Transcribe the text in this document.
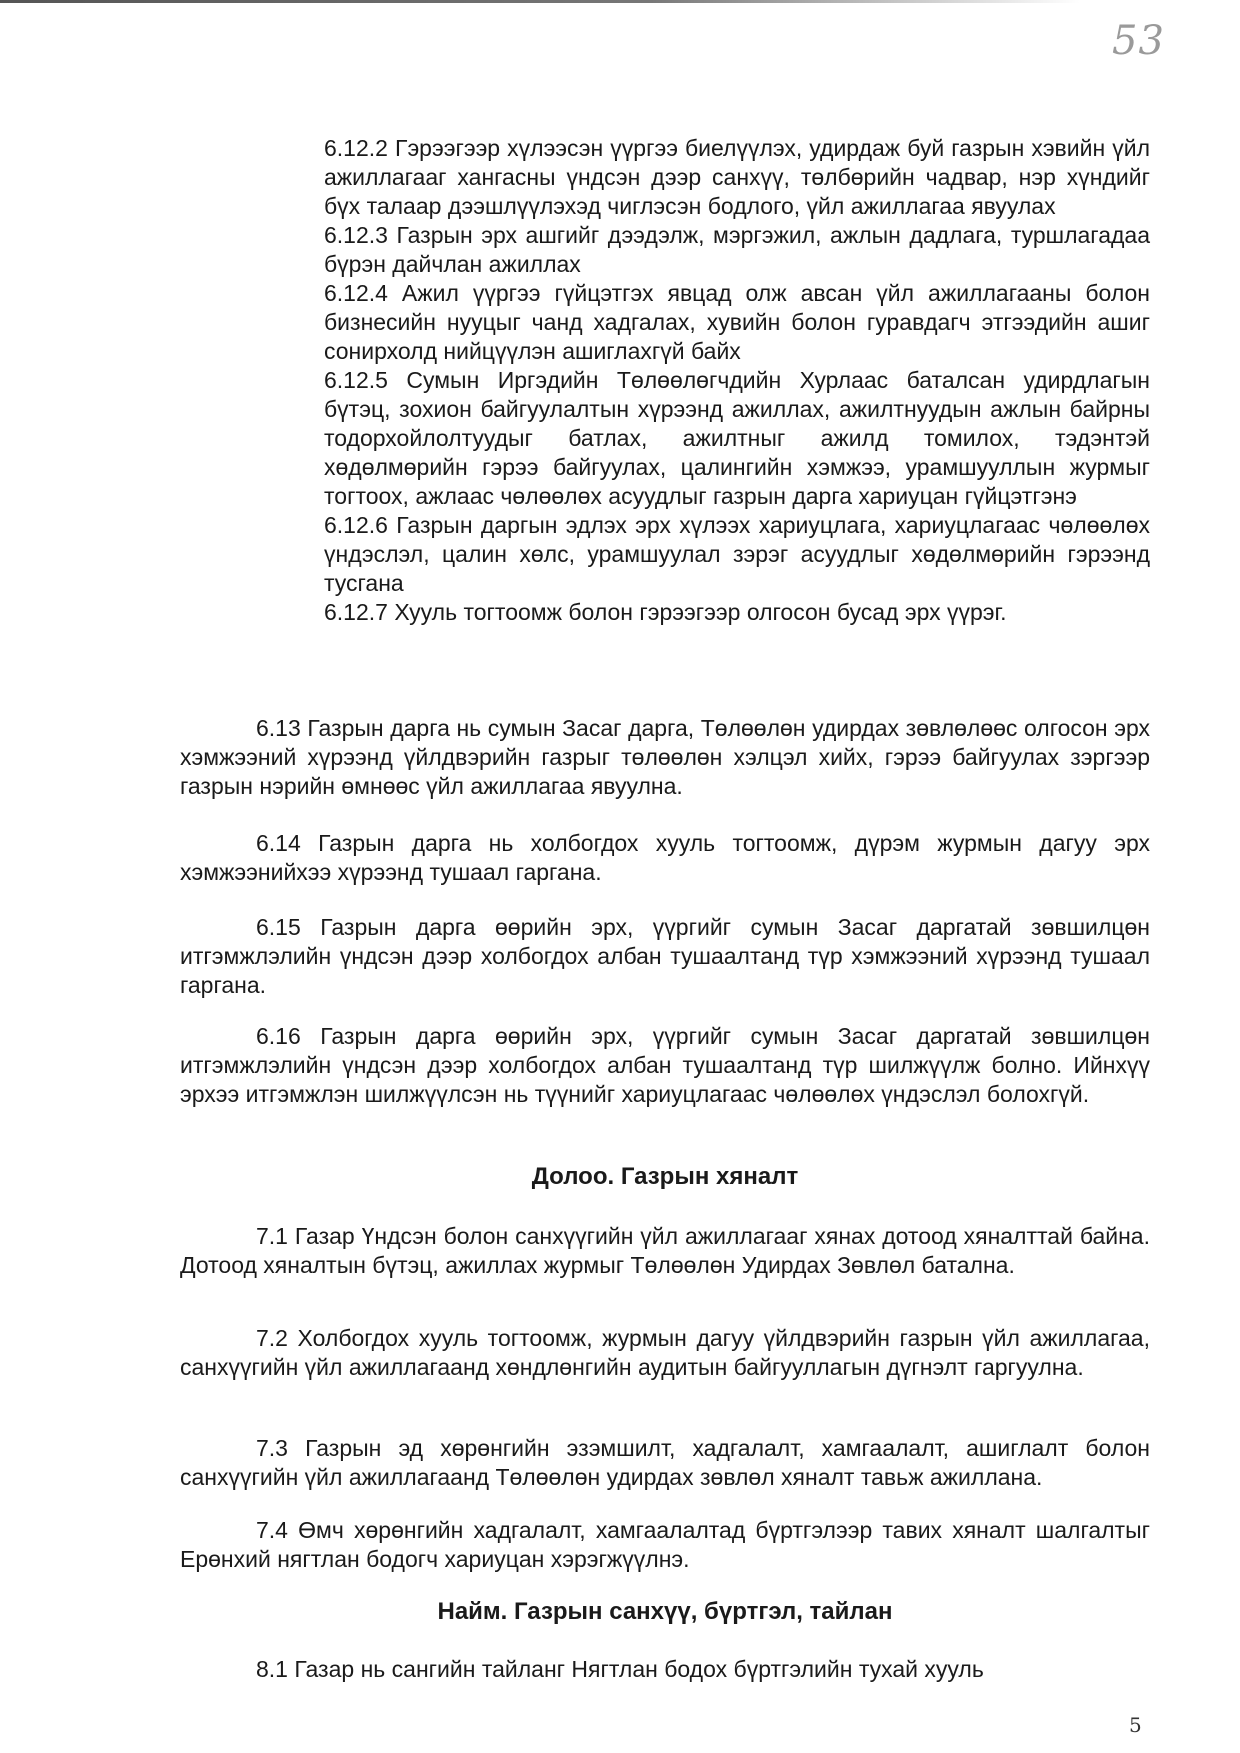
53

6.12.2 Гэрээгээр хүлээсэн үүргээ биелүүлэх, удирдаж буй газрын хэвийн үйл ажиллагааг хангасны үндсэн дээр санхүү, төлбөрийн чадвар, нэр хүндийг бүх талаар дээшлүүлэхэд чиглэсэн бодлого, үйл ажиллагаа явуулах

6.12.3 Газрын эрх ашгийг дээдэлж, мэргэжил, ажлын дадлага, туршлагадаа бүрэн дайчлан ажиллах

6.12.4 Ажил үүргээ гүйцэтгэх явцад олж авсан үйл ажиллагааны болон бизнесийн нууцыг чанд хадгалах, хувийн болон гуравдагч этгээдийн ашиг сонирхолд нийцүүлэн ашиглахгүй байх

6.12.5 Сумын Иргэдийн Төлөөлөгчдийн Хурлаас баталсан удирдлагын бүтэц, зохион байгуулалтын хүрээнд ажиллах, ажилтнуудын ажлын байрны тодорхойлолтуудыг батлах, ажилтныг ажилд томилох, тэдэнтэй хөдөлмөрийн гэрээ байгуулах, цалингийн хэмжээ, урамшууллын журмыг тогтоох, ажлаас чөлөөлөх асуудлыг газрын дарга хариуцан гүйцэтгэнэ

6.12.6 Газрын даргын эдлэх эрх хүлээх хариуцлага, хариуцлагаас чөлөөлөх үндэслэл, цалин хөлс, урамшуулал зэрэг асуудлыг хөдөлмөрийн гэрээнд тусгана

6.12.7 Хууль тогтоомж болон гэрээгээр олгосон бусад эрх үүрэг.

6.13 Газрын дарга нь сумын Засаг дарга, Төлөөлөн удирдах зөвлөлөөс олгосон эрх хэмжээний хүрээнд үйлдвэрийн газрыг төлөөлөн хэлцэл хийх, гэрээ байгуулах зэргээр газрын нэрийн өмнөөс үйл ажиллагаа явуулна.

6.14 Газрын дарга нь холбогдох хууль тогтоомж, дүрэм журмын дагуу эрх хэмжээнийхээ хүрээнд тушаал гаргана.

6.15 Газрын дарга өөрийн эрх, үүргийг сумын Засаг даргатай зөвшилцөн итгэмжлэлийн үндсэн дээр холбогдох албан тушаалтанд түр хэмжээний хүрээнд тушаал гаргана.

6.16 Газрын дарга өөрийн эрх, үүргийг сумын Засаг даргатай зөвшилцөн итгэмжлэлийн үндсэн дээр холбогдох албан тушаалтанд түр шилжүүлж болно. Ийнхүү эрхээ итгэмжлэн шилжүүлсэн нь түүнийг хариуцлагаас чөлөөлөх үндэслэл болохгүй.

Долоо. Газрын хяналт

7.1 Газар Үндсэн болон санхүүгийн үйл ажиллагааг хянах дотоод хяналттай байна. Дотоод хяналтын бүтэц, ажиллах журмыг Төлөөлөн Удирдах Зөвлөл батална.

7.2 Холбогдох хууль тогтоомж, журмын дагуу үйлдвэрийн газрын үйл ажиллагаа, санхүүгийн үйл ажиллагаанд хөндлөнгийн аудитын байгууллагын дүгнэлт гаргуулна.

7.3 Газрын эд хөрөнгийн эзэмшилт, хадгалалт, хамгаалалт, ашиглалт болон санхүүгийн үйл ажиллагаанд Төлөөлөн удирдах зөвлөл хяналт тавьж ажиллана.

7.4 Өмч хөрөнгийн хадгалалт, хамгаалалтад бүртгэлээр тавих хяналт шалгалтыг Ерөнхий нягтлан бодогч хариуцан хэрэгжүүлнэ.

Найм. Газрын санхүү, бүртгэл, тайлан

8.1 Газар нь сангийн тайланг Нягтлан бодох бүртгэлийн тухай хууль

5
